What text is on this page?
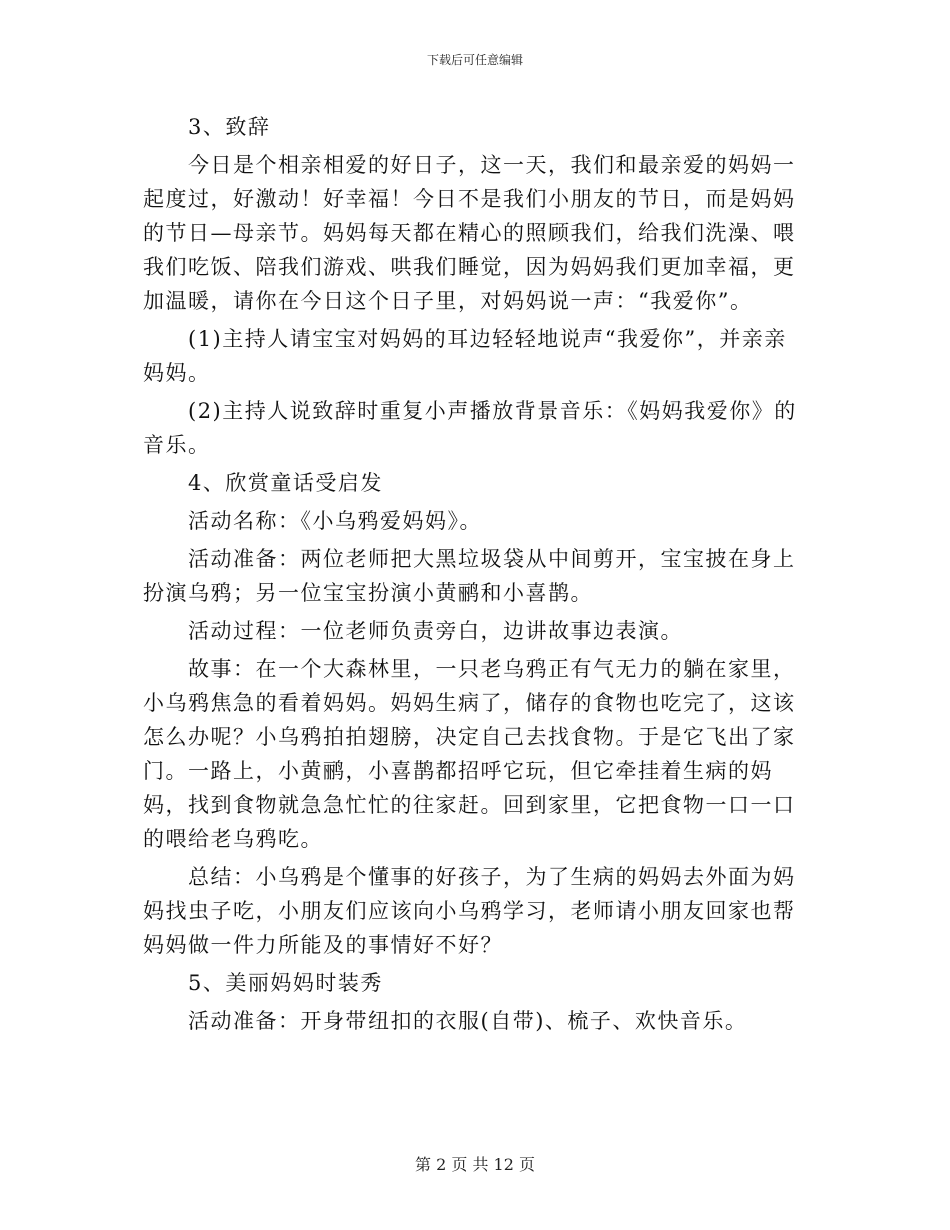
下载后可任意编辑

3、致辞

今日是个相亲相爱的好日子，这一天，我们和最亲爱的妈妈一起度过，好激动！好幸福！今日不是我们小朋友的节日，而是妈妈的节日—母亲节。妈妈每天都在精心的照顾我们，给我们洗澡、喂我们吃饭、陪我们游戏、哄我们睡觉，因为妈妈我们更加幸福，更加温暖，请你在今日这个日子里，对妈妈说一声：“我爱你”。

(1)主持人请宝宝对妈妈的耳边轻轻地说声“我爱你”，并亲亲妈妈。

(2)主持人说致辞时重复小声播放背景音乐：《妈妈我爱你》的音乐。

4、欣赏童话受启发

活动名称：《小乌鸦爱妈妈》。

活动准备：两位老师把大黑垃圾袋从中间剪开，宝宝披在身上扮演乌鸦；另一位宝宝扮演小黄鹂和小喜鹊。

活动过程：一位老师负责旁白，边讲故事边表演。

故事：在一个大森林里，一只老乌鸦正有气无力的躺在家里，小乌鸦焦急的看着妈妈。妈妈生病了，储存的食物也吃完了，这该怎么办呢？小乌鸦拍拍翅膀，决定自己去找食物。于是它飞出了家门。一路上，小黄鹂，小喜鹊都招呼它玩，但它牵挂着生病的妈妈，找到食物就急急忙忙的往家赶。回到家里，它把食物一口一口的喂给老乌鸦吃。

总结：小乌鸦是个懂事的好孩子，为了生病的妈妈去外面为妈妈找虫子吃，小朋友们应该向小乌鸦学习，老师请小朋友回家也帮妈妈做一件力所能及的事情好不好？

5、美丽妈妈时装秀

活动准备：开身带纽扣的衣服(自带)、梳子、欢快音乐。

第 2 页 共 12 页
